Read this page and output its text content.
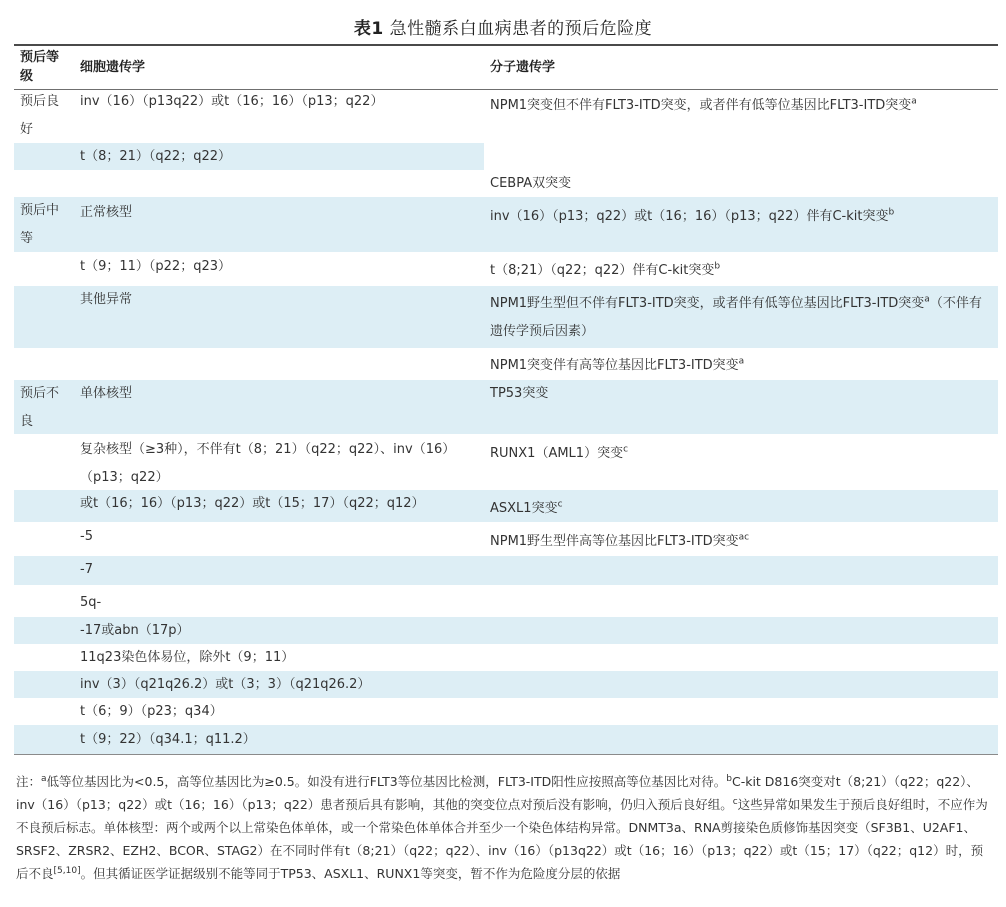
表1 急性髓系白血病患者的预后危险度
预后等级
细胞遗传学	分子遗传学
预后良好
预后中等
预后不良
inv（16）（p13q22）或t（16；16）（p13；q22）
t（8；21）（q22；q22）
正常核型
t（9；11）（p22；q23）
其他异常
单体核型
复杂核型（≥3种），不伴有t（8；21）（q22；q22）、inv（16）（p13；q22）
或t（16；16）（p13；q22）或t（15；17）（q22；q12）
-5
-7
5q-
-17或abn（17p）
11q23染色体易位，除外t（9；11）
inv（3）（q21q26.2）或t（3；3）（q21q26.2）
t（6；9）（p23；q34）
t（9；22）（q34.1；q11.2）
NPM1突变但不伴有FLT3-ITD突变，或者伴有低等位基因比FLT3-ITD突变$^a$
CEBPA双突变
inv（16）（p13；q22）或t（16；16）（p13；q22）伴有C-kit突变$^b$
t（8;21）（q22；q22）伴有C-kit突变$^b$
NPM1野生型但不伴有FLT3-ITD突变，或者伴有低等位基因比FLT3-ITD突变$^a$（不伴有遗传学预后因素）
NPM1突变伴有高等位基因比FLT3-ITD突变$^a$
TP53突变
RUNX1（AML1）突变$^c$
ASXL1突变$^c$
NPM1野生型伴高等位基因比FLT3-ITD突变$^{ac}$
注：$^a$低等位基因比为<0.5，高等位基因比为≥0.5。如没有进行FLT3等位基因比检测，FLT3-ITD阳性应按照高等位基因比对待。$^b$C-kit D816突变对t（8;21）（q22；q22）、inv（16）（p13；q22）或t（16；16）（p13；q22）患者预后具有影响，其他的突变位点对预后没有影响，仍归入预后良好组。$^c$这些异常如果发生于预后良好组时，不应作为不良预后标志。单体核型：两个或两个以上常染色体单体，或一个常染色体单体合并至少一个染色体结构异常。DNMT3a、RNA剪接染色质修饰基因突变（SF3B1、U2AF1、SRSF2、ZRSR2、EZH2、BCOR、STAG2）在不同时伴有t（8;21）（q22；q22）、inv（16）（p13q22）或t（16；16）（p13；q22）或t（15；17）（q22；q12）时，预后不良[5,10]。但其循证医学证据级别不能等同于TP53、ASXL1、RUNX1等突变，暂不作为危险度分层的依据
